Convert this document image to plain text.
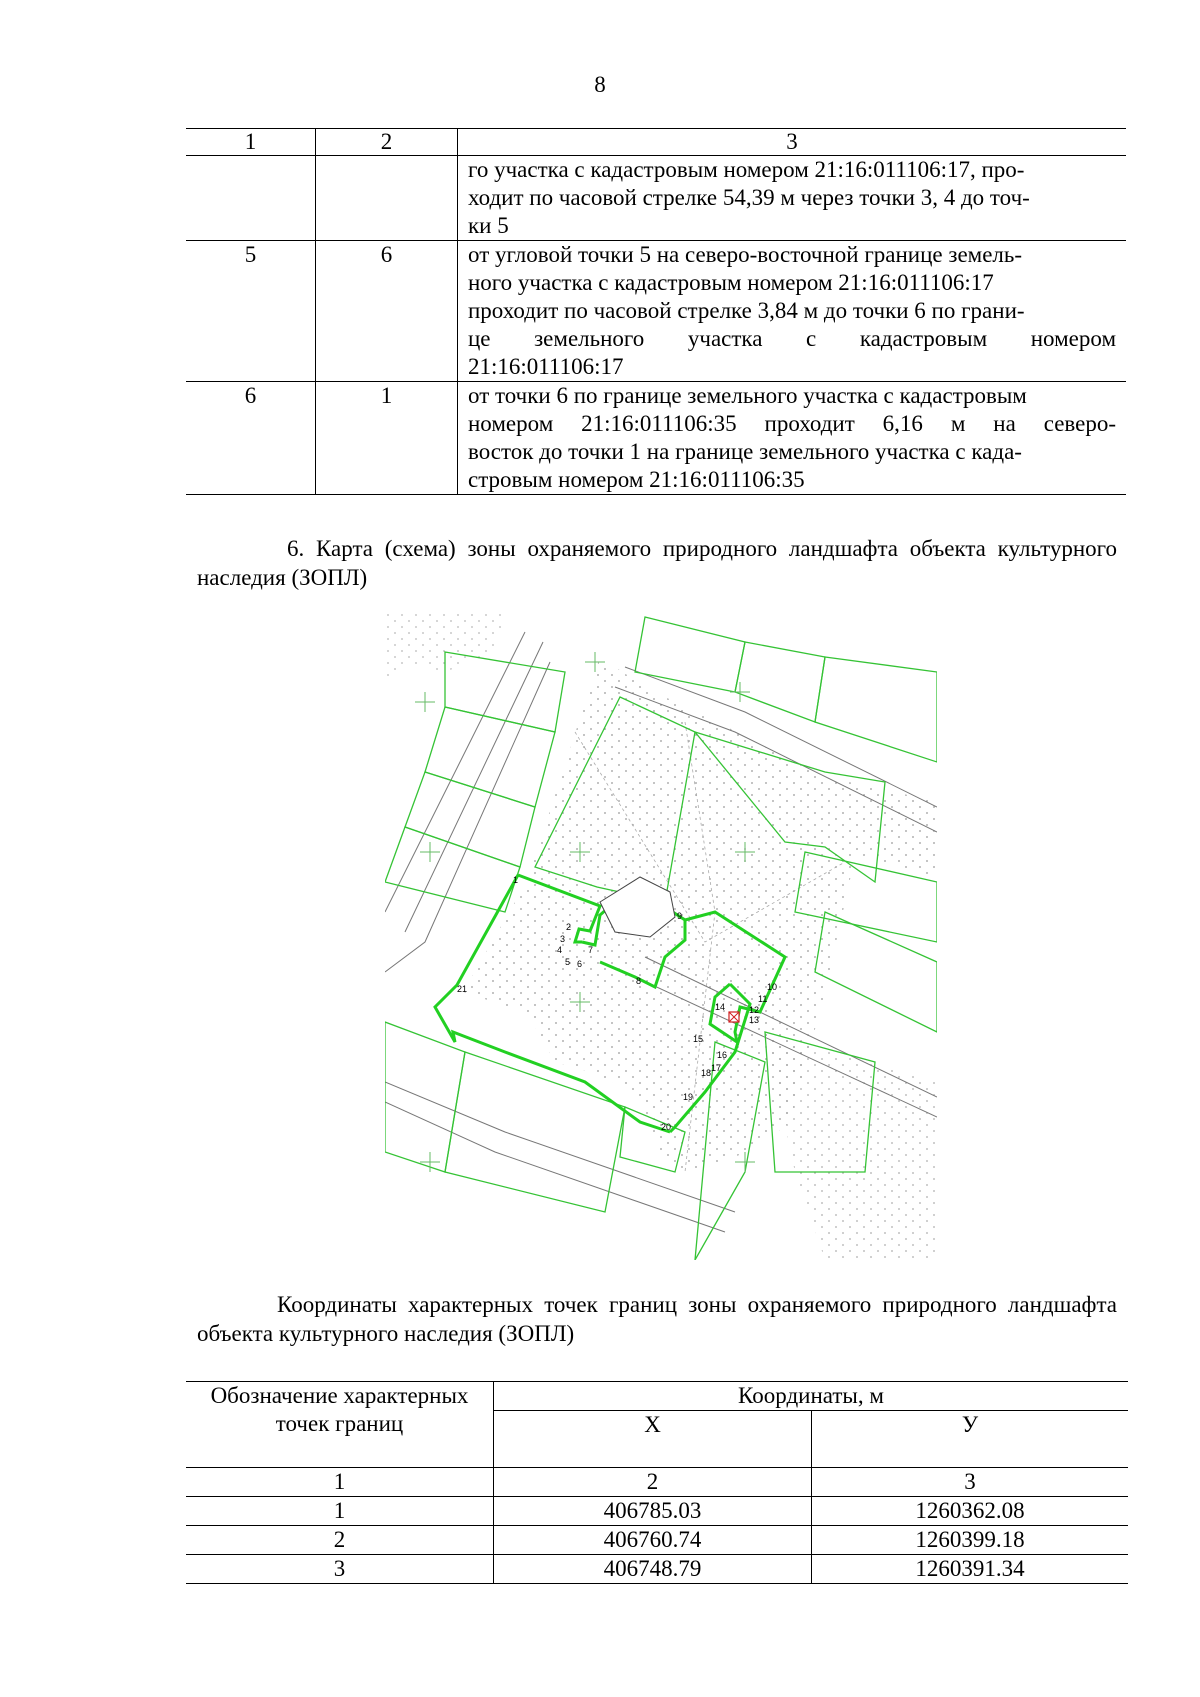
8
1	2	3

		го участка с кадастровым номером 21:16:011106:17, про-
ходит по часовой стрелке 54,39 м через точки 3, 4 до точ-
ки 5

5	6	от угловой точки 5 на северо-восточной границе земель-
ного участка с кадастровым номером 21:16:011106:17
проходит по часовой стрелке 3,84 м до точки 6 по грани-
це земельного участка с кадастровым номером
21:16:011106:17

6	1	от точки 6 по границе земельного участка с кадастровым
номером 21:16:011106:35 проходит 6,16 м на северо-
восток до точки 1 на границе земельного участка с када-
стровым номером 21:16:011106:35
6. Карта (схема) зоны охраняемого природного ландшафта объекта культурного наследия (ЗОПЛ)
1
2
3
4
5 6
7
8
9
10
11
12
13
14
15
16
17
18
19
20
21
Координаты характерных точек границ зоны охраняемого природного ландшафта объекта культурного наследия (ЗОПЛ)
Обозначение характерных точек границ	Координаты, м	
	X	У
1	2	3
1	406785.03	1260362.08
2	406760.74	1260399.18
3	406748.79	1260391.34
